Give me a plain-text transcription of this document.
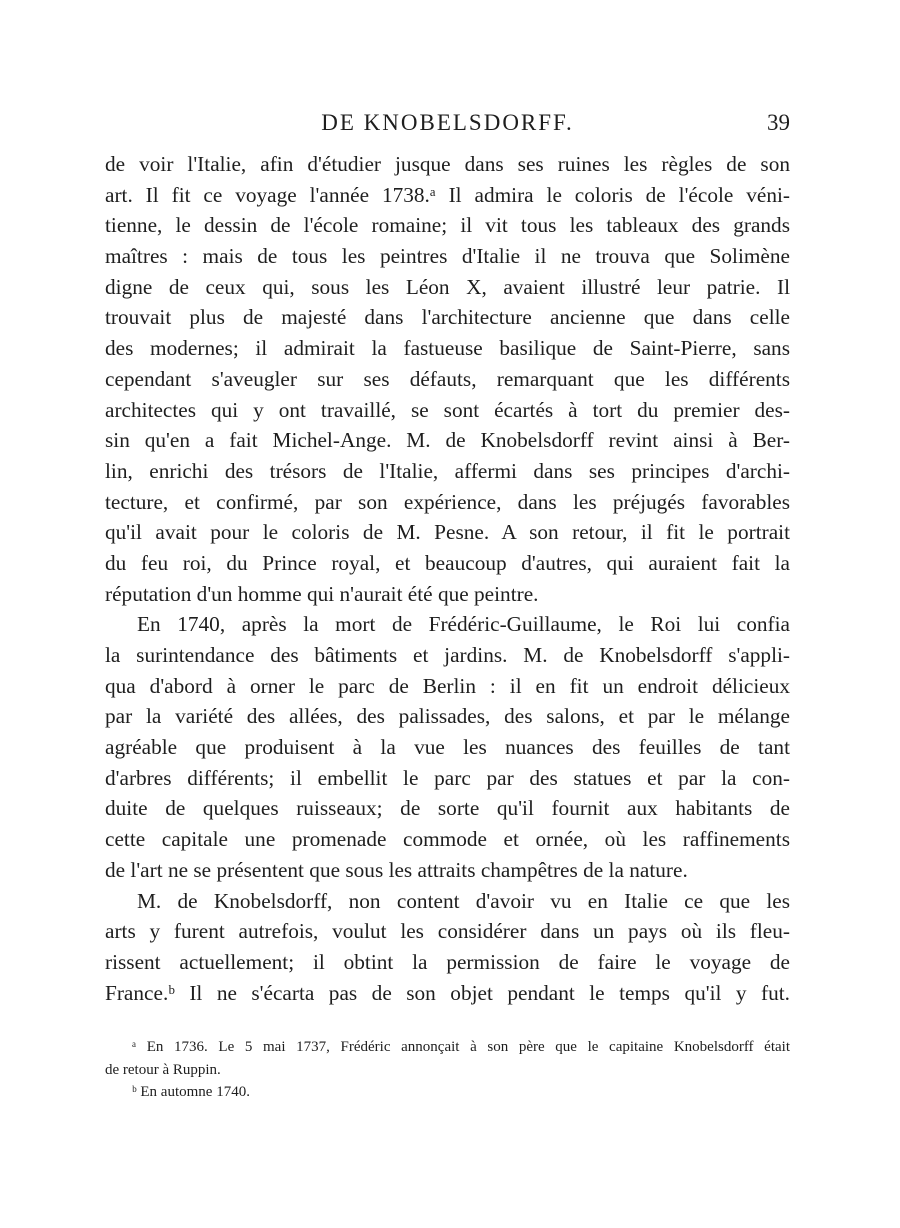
DE KNOBELSDORFF.	39
de voir l'Italie, afin d'étudier jusque dans ses ruines les règles de son
art. Il fit ce voyage l'année 1738.ᵃ Il admira le coloris de l'école véni-
tienne, le dessin de l'école romaine; il vit tous les tableaux des grands
maîtres : mais de tous les peintres d'Italie il ne trouva que Solimène
digne de ceux qui, sous les Léon X, avaient illustré leur patrie. Il
trouvait plus de majesté dans l'architecture ancienne que dans celle
des modernes; il admirait la fastueuse basilique de Saint-Pierre, sans
cependant s'aveugler sur ses défauts, remarquant que les différents
architectes qui y ont travaillé, se sont écartés à tort du premier des-
sin qu'en a fait Michel-Ange. M. de Knobelsdorff revint ainsi à Ber-
lin, enrichi des trésors de l'Italie, affermi dans ses principes d'archi-
tecture, et confirmé, par son expérience, dans les préjugés favorables
qu'il avait pour le coloris de M. Pesne. A son retour, il fit le portrait
du feu roi, du Prince royal, et beaucoup d'autres, qui auraient fait la
réputation d'un homme qui n'aurait été que peintre.
En 1740, après la mort de Frédéric-Guillaume, le Roi lui confia
la surintendance des bâtiments et jardins. M. de Knobelsdorff s'appli-
qua d'abord à orner le parc de Berlin : il en fit un endroit délicieux
par la variété des allées, des palissades, des salons, et par le mélange
agréable que produisent à la vue les nuances des feuilles de tant
d'arbres différents; il embellit le parc par des statues et par la con-
duite de quelques ruisseaux; de sorte qu'il fournit aux habitants de
cette capitale une promenade commode et ornée, où les raffinements
de l'art ne se présentent que sous les attraits champêtres de la nature.
M. de Knobelsdorff, non content d'avoir vu en Italie ce que les
arts y furent autrefois, voulut les considérer dans un pays où ils fleu-
rissent actuellement; il obtint la permission de faire le voyage de
France.ᵇ Il ne s'écarta pas de son objet pendant le temps qu'il y fut.
ᵃ En 1736. Le 5 mai 1737, Frédéric annonçait à son père que le capitaine Knobelsdorff était
de retour à Ruppin.
ᵇ En automne 1740.
